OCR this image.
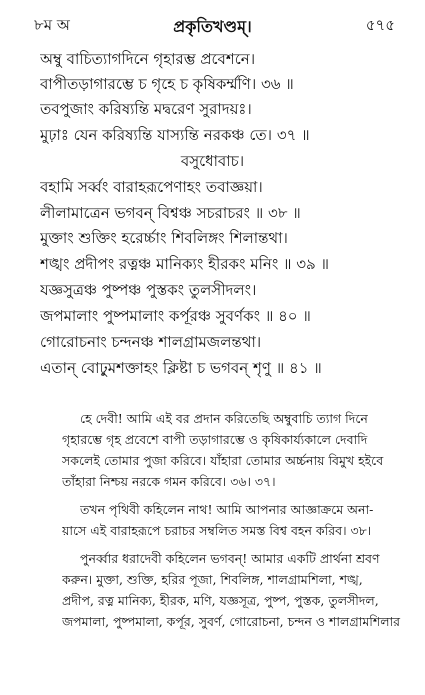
৮ম অ	প্রকৃতিখণ্ডম্।	৫৭৫
অম্বু বাচিত্যাগদিনে গৃহারম্ভ প্রবেশনে।
বাপীতড়াগারম্ভে চ গৃহে চ কৃষিকর্ম্মণি। ৩৬ ॥
তবপুজাং করিষ্যন্তি মদ্বরেণ সুরাদয়ঃ।
মুঢ়াঃ যেন করিষ্যন্তি যাস্যন্তি নরকঞ্চ তে। ৩৭ ॥
বসুধোবাচ।
বহামি সর্ব্বং বারাহরূপেণাহং তবাজ্ঞয়া।
লীলামাত্রেন ভগবন্ বিশ্বঞ্চ সচরাচরং ॥ ৩৮ ॥
মুক্তাং শুক্তিং হরের্চ্চাং শিবলিঙ্গং শিলান্তথা।
শঙ্খং প্রদীপং রত্নঞ্চ মানিক্যং হীরকং মনিং ॥ ৩৯ ॥
যজ্ঞসুত্রঞ্চ পুষ্পঞ্চ পুস্তকং তুলসীদলং।
জপমালাং পুষ্পমালাং কর্পূরঞ্চ সুবর্ণকং ॥ ৪০ ॥
গোরোচনাং চন্দনঞ্চ শালগ্রামজলন্তথা।
এতান্ বোঢ়ুমশক্তাহং ক্লিষ্টা চ ভগবন্ শৃণু ॥ ৪১ ॥
হে দেবী! আমি এই বর প্রদান করিতেছি অম্বুবাচি ত্যাগ দিনে
গৃহারম্ভে গৃহ প্রবেশে বাপী তড়াগারম্ভে ও কৃষিকার্য্যকালে দেবাদি
সকলেই তোমার পুজা করিবে। যাঁহারা তোমার অর্চ্চনায় বিমুখ হইবে
তাঁহারা নিশ্চয় নরকে গমন করিবে। ৩৬। ৩৭।
তখন পৃথিবী কহিলেন নাথ! আমি আপনার আজ্ঞাক্রমে অনা-
য়াসে এই বারাহরূপে চরাচর সম্বলিত সমস্ত বিশ্ব বহন করিব। ৩৮।
পুনর্ব্বার ধরাদেবী কহিলেন ভগবন্! আমার একটি প্রার্থনা শ্রবণ
করুন। মুক্তা, শুক্তি, হরির পূজা, শিবলিঙ্গ, শালগ্রামশিলা, শঙ্খ,
প্রদীপ, রত্ন মানিক্য, হীরক, মণি, যজ্ঞসূত্র, পুষ্প, পুস্তক, তুলসীদল,
জপমালা, পুষ্পমালা, কর্পূর, সুবর্ণ, গোরোচনা, চন্দন ও শালগ্রামশিলার
